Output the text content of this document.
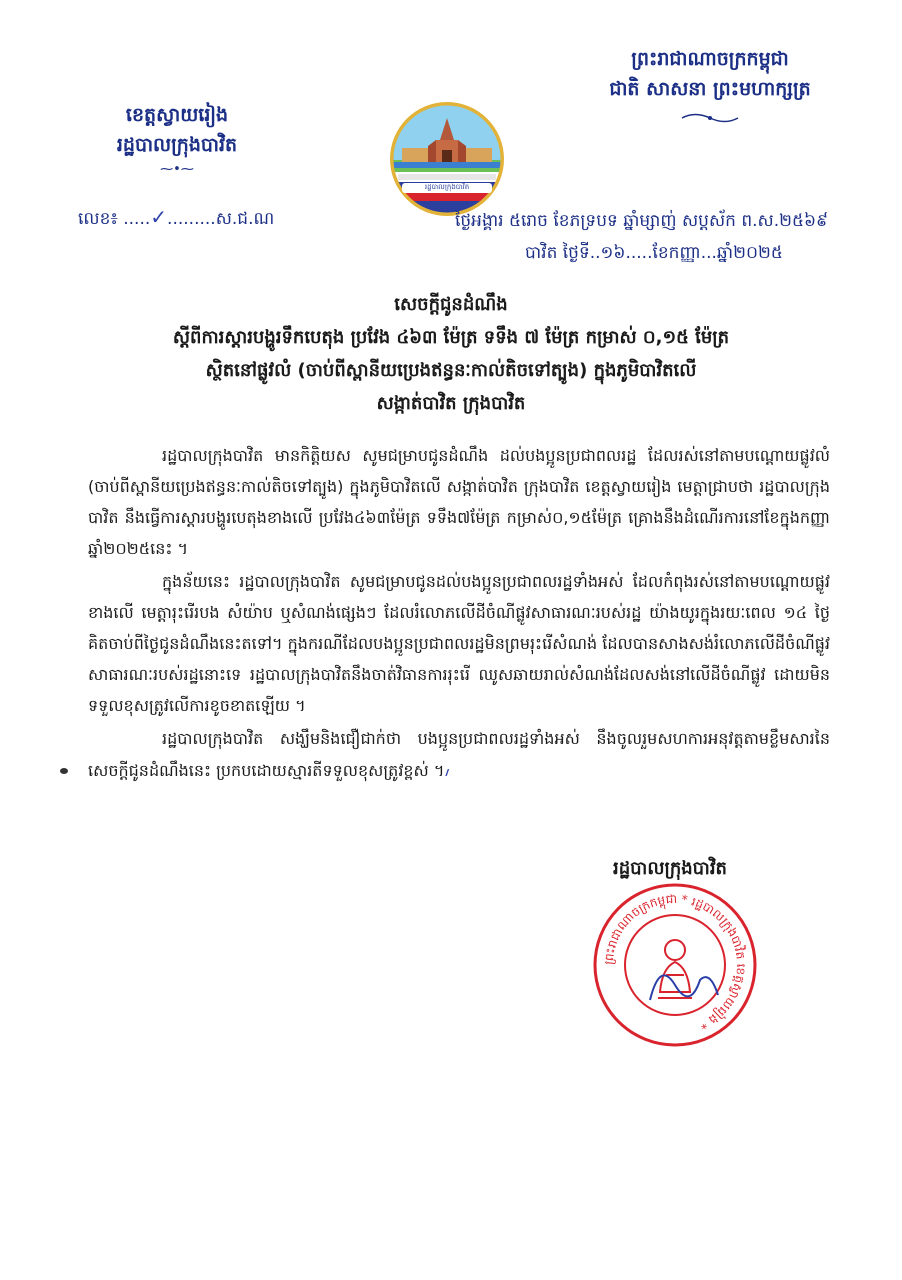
ខេត្តស្វាយរៀង
រដ្ឋបាលក្រុងបាវិត
⁓•⁓
ព្រះរាជាណាចក្រកម្ពុជា
ជាតិ សាសនា ព្រះមហាក្សត្រ
រដ្ឋបាលក្រុងបាវិត
លេខ៖ .....✓.........ស.ជ.ណ	ថ្ងៃអង្គារ ៥រោច ខែភទ្របទ ឆ្នាំម្សាញ់ សប្តស័ក ព.ស.២៥៦៩
បាវិត ថ្ងៃទី..១៦.....ខែកញ្ញា...ឆ្នាំ២០២៥
សេចក្តីជូនដំណឹង
ស្តីពីការស្តារបង្ហូរទឹកបេតុង ប្រវែង ៤៦៣ ម៉ែត្រ ទទឹង ៧ ម៉ែត្រ កម្រាស់ ០,១៥ ម៉ែត្រ
ស្ថិតនៅផ្លូវលំ (ចាប់ពីស្ពានីយប្រេងឥន្ធនៈកាល់តិចទៅត្បូង) ក្នុងភូមិបាវិតលើ
សង្កាត់បាវិត ក្រុងបាវិត

រដ្ឋបាលក្រុងបាវិត មានកិត្តិយស សូមជម្រាបជូនដំណឹង ដល់បងប្អូនប្រជាពលរដ្ឋ ដែលរស់នៅតាមបណ្តោយផ្លូវលំ (ចាប់ពីស្ពានីយប្រេងឥន្ធនៈកាល់តិចទៅត្បូង) ក្នុងភូមិបាវិតលើ សង្កាត់បាវិត ក្រុងបាវិត ខេត្តស្វាយរៀង មេត្តាជ្រាបថា រដ្ឋបាលក្រុងបាវិត នឹងធ្វើការស្តារបង្ហូរបេតុងខាងលើ ប្រវែង៤៦៣ម៉ែត្រ ទទឹង៧ម៉ែត្រ កម្រាស់០,១៥ម៉ែត្រ គ្រោងនឹងដំណើរការនៅខែក្នុងកញ្ញា ឆ្នាំ២០២៥នេះ ។

ក្នុងន័យនេះ រដ្ឋបាលក្រុងបាវិត សូមជម្រាបជូនដល់បងប្អូនប្រជាពលរដ្ឋទាំងអស់ ដែលកំពុងរស់នៅតាមបណ្តោយផ្លូវខាងលើ មេត្តារុះរើរបង សំយ៉ាប ឬសំណង់ផ្សេងៗ ដែលរំលោភលើដីចំណីផ្លូវសាធារណៈរបស់រដ្ឋ យ៉ាងយូរក្នុងរយៈពេល ១៤ ថ្ងៃ គិតចាប់ពីថ្ងៃជូនដំណឹងនេះតទៅ។ ក្នុងករណីដែលបងប្អូនប្រជាពលរដ្ឋមិនព្រមរុះរើសំណង់ ដែលបានសាងសង់រំលោភលើដីចំណីផ្លូវសាធារណៈរបស់រដ្ឋនោះទេ រដ្ឋបាលក្រុងបាវិតនឹងចាត់វិធានការរុះរើ ឈូសឆាយរាល់សំណង់ដែលសង់នៅលើដីចំណីផ្លូវ ដោយមិនទទួលខុសត្រូវលើការខូចខាតឡើយ ។

រដ្ឋបាលក្រុងបាវិត សង្ឃឹមនិងជឿជាក់ថា បងប្អូនប្រជាពលរដ្ឋទាំងអស់ នឹងចូលរួមសហការអនុវត្តតាមខ្លឹមសារនៃសេចក្តីជូនដំណឹងនេះ ប្រកបដោយស្មារតីទទួលខុសត្រូវខ្ពស់ ។៸

រដ្ឋបាលក្រុងបាវិត
ព្រះរាជាណាចក្រកម្ពុជា * រដ្ឋបាលក្រុងបាវិត ខេត្តស្វាយរៀង *
